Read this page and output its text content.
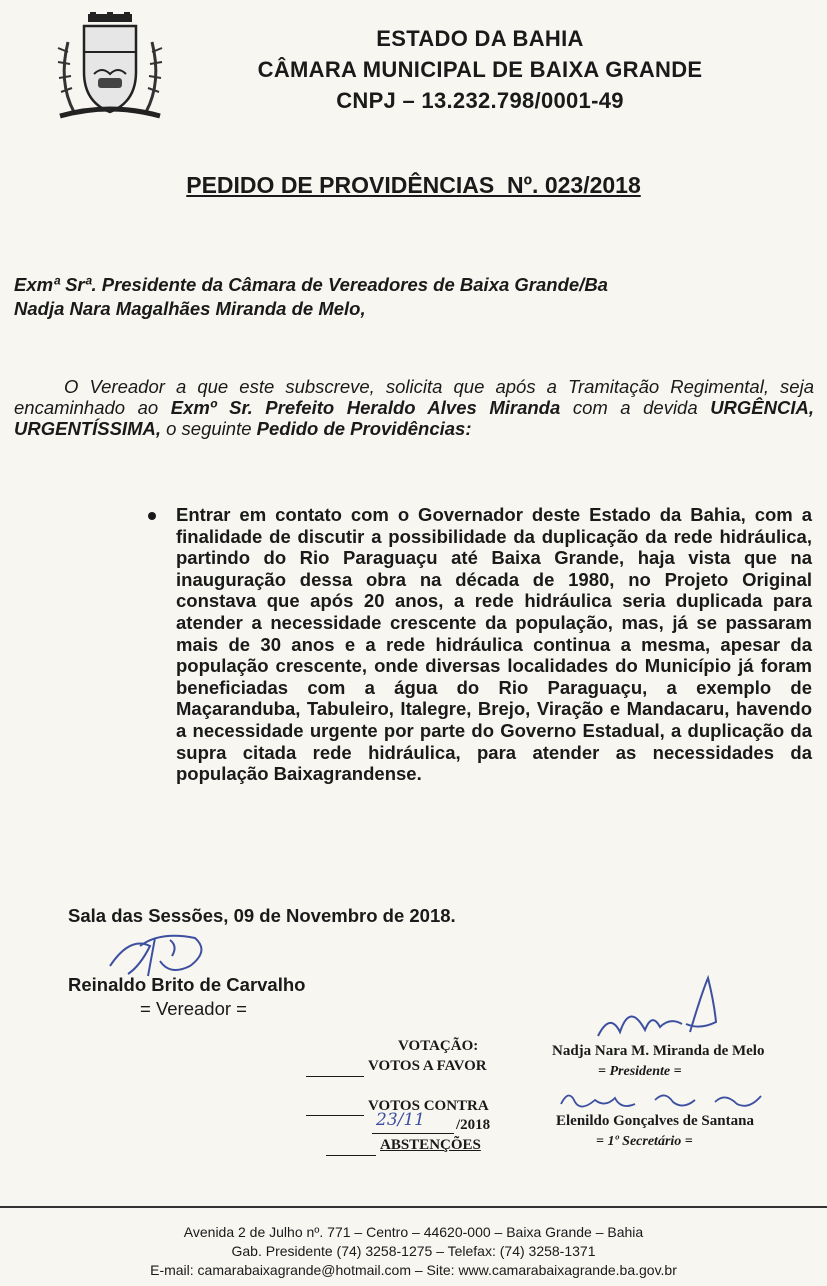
ESTADO DA BAHIA
CÂMARA MUNICIPAL DE BAIXA GRANDE
CNPJ – 13.232.798/0001-49
PEDIDO DE PROVIDÊNCIAS  Nº. 023/2018
Exmª Srª. Presidente da Câmara de Vereadores de Baixa Grande/Ba
Nadja Nara Magalhães Miranda de Melo,
O Vereador a que este subscreve, solicita que após a Tramitação Regimental, seja encaminhado ao Exmº Sr. Prefeito Heraldo Alves Miranda com a devida URGÊNCIA, URGENTÍSSIMA, o seguinte Pedido de Providências:
Entrar em contato com o Governador deste Estado da Bahia, com a finalidade de discutir a possibilidade da duplicação da rede hidráulica, partindo do Rio Paraguaçu até Baixa Grande, haja vista que na inauguração dessa obra na década de 1980, no Projeto Original constava que após 20 anos, a rede hidráulica seria duplicada para atender a necessidade crescente da população, mas, já se passaram mais de 30 anos e a rede hidráulica continua a mesma, apesar da população crescente, onde diversas localidades do Município já foram beneficiadas com a água do Rio Paraguaçu, a exemplo de Maçaranduba, Tabuleiro, Italegre, Brejo, Viração e Mandacaru, havendo a necessidade urgente por parte do Governo Estadual, a duplicação da supra citada rede hidráulica, para atender as necessidades da população Baixagrandense.
Sala das Sessões, 09 de Novembro de 2018.
Reinaldo Brito de Carvalho
= Vereador =
VOTAÇÃO:
VOTOS A FAVOR
VOTOS CONTRA
23/11 /2018
ABSTENÇÕES
Nadja Nara M. Miranda de Melo
= Presidente =
Elenildo Gonçalves de Santana
= 1º Secretário =
Avenida 2 de Julho nº. 771 – Centro – 44620-000 – Baixa Grande – Bahia
Gab. Presidente (74) 3258-1275 – Telefax: (74) 3258-1371
E-mail: camarabaixagrande@hotmail.com – Site: www.camarabaixagrande.ba.gov.br
